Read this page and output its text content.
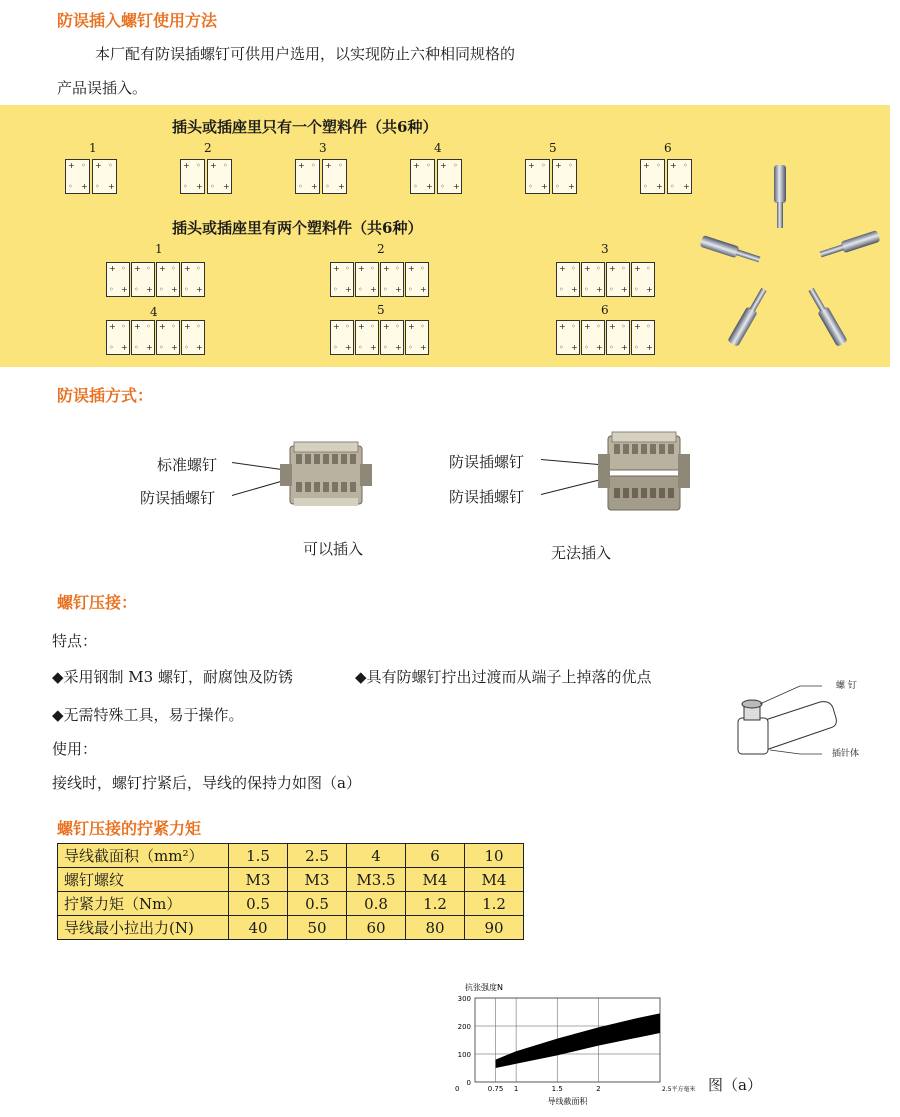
防误插入螺钉使用方法
本厂配有防误插螺钉可供用户选用，以实现防止六种相同规格的
产品误插入。
插头或插座里只有一个塑料件（共6种）
1
+ ◦
◦ +
+ ◦
◦ +
2
+ ◦
◦ +
+ ◦
◦ +
3
+ ◦
◦ +
+ ◦
◦ +
4
+ ◦
◦ +
+ ◦
◦ +
5
+ ◦
◦ +
+ ◦
◦ +
6
+ ◦
◦ +
+ ◦
◦ +
插头或插座里有两个塑料件（共6种）
1
+ ◦
◦ +
+ ◦
◦ +
+ ◦
◦ +
+ ◦
◦ +
2
+ ◦
◦ +
+ ◦
◦ +
+ ◦
◦ +
+ ◦
◦ +
3
+ ◦
◦ +
+ ◦
◦ +
+ ◦
◦ +
+ ◦
◦ +
4
+ ◦
◦ +
+ ◦
◦ +
+ ◦
◦ +
+ ◦
◦ +
5
+ ◦
◦ +
+ ◦
◦ +
+ ◦
◦ +
+ ◦
◦ +
6
+ ◦
◦ +
+ ◦
◦ +
+ ◦
◦ +
+ ◦
◦ +
防误插方式：
标准螺钉
防误插螺钉
可以插入
防误插螺钉
防误插螺钉
无法插入
螺钉压接：
特点：
◆采用钢制 M3 螺钉，耐腐蚀及防锈	◆具有防螺钉拧出过渡而从端子上掉落的优点
◆无需特殊工具，易于操作。
使用：
接线时，螺钉拧紧后，导线的保持力如图（a）
螺 钉
插针体
螺钉压接的拧紧力矩
导线截面积（mm²）	1.5	2.5	4	6	10
螺钉螺纹	M3	M3	M3.5	M4	M4
拧紧力矩（Nm）	0.5	0.5	0.8	1.2	1.2
导线最小拉出力(N)	40	50	60	80	90
0
100
200
300
0.75 1	1.5	2
抗张强度N
2.5平方毫米
导线截面积
0	图（a）
